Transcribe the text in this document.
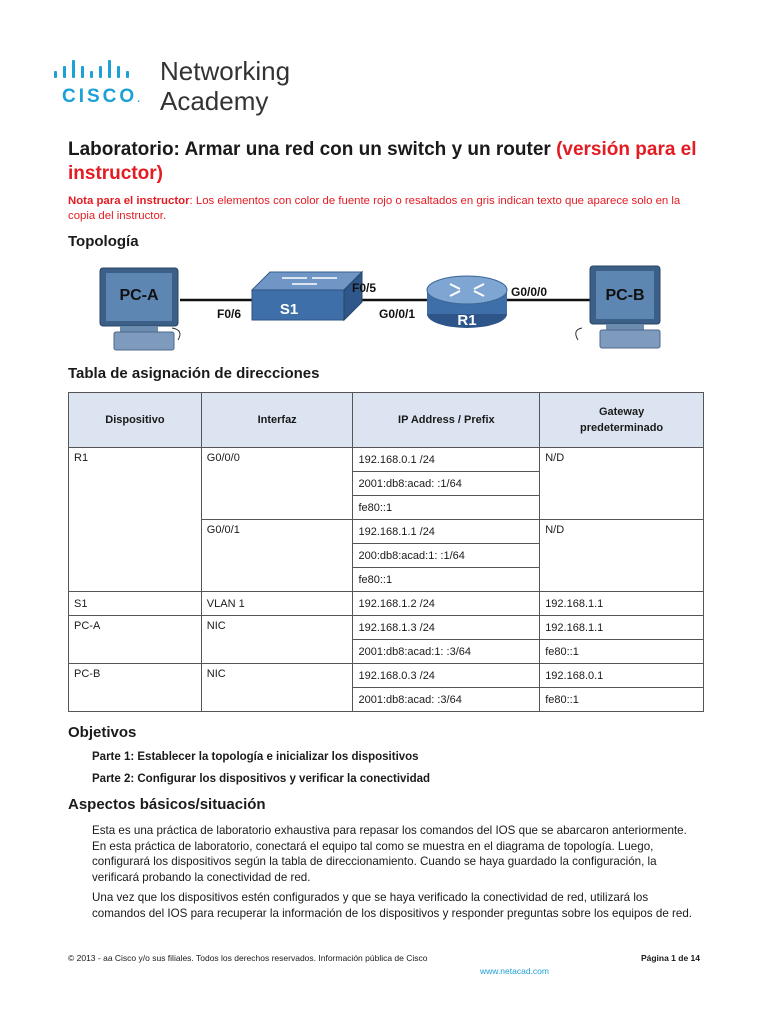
CISCO.
Networking
Academy
Laboratorio: Armar una red con un switch y un router (versión para el instructor)
Nota para el instructor: Los elementos con color de fuente rojo o resaltados en gris indican texto que aparece solo en la copia del instructor.
Topología
PC-A
S1
F0/6
F0/5
R1
G0/0/1
G0/0/0	PC-B
Tabla de asignación de direcciones
Dispositivo	Interfaz	IP Address / Prefix	Gateway
predeterminado
R1	G0/0/0	192.168.0.1 /24	N/D
		2001:db8:acad: :1/64	
		fe80::1	
	G0/0/1	192.168.1.1 /24	N/D
		200:db8:acad:1: :1/64	
		fe80::1	
S1	VLAN 1	192.168.1.2 /24	192.168.1.1
PC-A	NIC	192.168.1.3 /24	192.168.1.1
		2001:db8:acad:1: :3/64	fe80::1
PC-B	NIC	192.168.0.3 /24	192.168.0.1
		2001:db8:acad: :3/64	fe80::1
Objetivos
Parte 1: Establecer la topología e inicializar los dispositivos
Parte 2: Configurar los dispositivos y verificar la conectividad
Aspectos básicos/situación
Esta es una práctica de laboratorio exhaustiva para repasar los comandos del IOS que se abarcaron anteriormente. En esta práctica de laboratorio, conectará el equipo tal como se muestra en el diagrama de topología. Luego, configurará los dispositivos según la tabla de direccionamiento. Cuando se haya guardado la configuración, la verificará probando la conectividad de red.
Una vez que los dispositivos estén configurados y que se haya verificado la conectividad de red, utilizará los comandos del IOS para recuperar la información de los dispositivos y responder preguntas sobre los equipos de red.
© 2013 - aa Cisco y/o sus filiales. Todos los derechos reservados. Información pública de Cisco	Página 1 de 14
www.netacad.com
